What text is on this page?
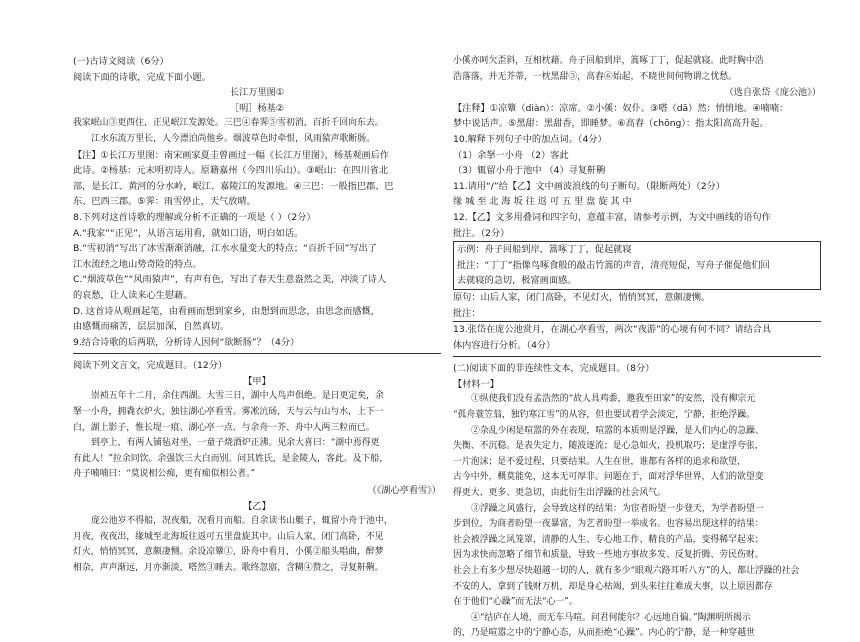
(一)古诗文阅读（6分）
阅读下面的诗歌，完成下面小题。
长江万里图①
［明］杨基②
我家岷山③更西住，正见岷江发源处。三巴④春霁⑤雪初消，百折千回向东去。
江水东流万里长，人今漂泊尚他乡。烟波草色时牵恨，风雨猿声歌断肠。
【注】①长江万里图：南宋画家夏圭曾画过一幅《长江万里图》，杨基观画后作
此诗。②杨基：元末明初诗人。原籍嘉州（今四川乐山）。③岷山：在四川省北
部，是长江、黄河的分水岭，岷江、嘉陵江的发源地。④三巴：一般指巴郡、巴
东、巴西三郡。⑤霁：雨雪停止，天气放晴。
8.下列对这首诗歌的理解或分析不正确的一项是（ ）（2分）
A.“我家”“正见”，从语言运用看，就如口语，明白如话。
B.“雪初消”写出了冰雪渐渐消融，江水水量变大的特点；“百折千回”写出了
江水流经之地山势奇险的特点。
C.“烟波草色”“风雨猿声”，有声有色，写出了春天生意盎然之美，冲淡了诗人
的哀愁，让人读来心生慰藉。
D. 这首诗从观画起笔，由看画而想到家乡，由想到而思念，由思念而感慨，
由感慨而痛苦，层层加深，自然真切。
9.结合诗歌的后两联，分析诗人因何“欲断肠”？（4分）
阅读下列文言文，完成题目。（12分）
【甲】
崇祯五年十二月，余住西湖。大雪三日，湖中人鸟声俱绝。是日更定矣，余
拏一小舟，拥毳衣炉火，独往湖心亭看雪。雾凇沆砀，天与云与山与水，上下一
白，湖上影子，惟长堤一痕、湖心亭一点、与余舟一芥、舟中人两三粒而已。
到亭上，有两人铺毡对坐，一童子烧酒炉正沸。见余大喜曰：“湖中焉得更
有此人！”拉余同饮。余强饮三大白而别。问其姓氏，是金陵人，客此。及下船，
舟子喃喃曰：“莫说相公痴，更有痴似相公者。”
（《湖心亭看雪》）
【乙】
庞公池岁不得船，况夜船，况看月而船。自余读书山艇子，辄留小舟于池中，
月夜，夜夜出，缘城至北海坂往返可五里盘旋其中。山后人家，闭门高卧，不见
灯火，悄悄冥冥，意颇凄恻。余设凉簟①，卧舟中看月，小傒②船头唱曲，醉梦
相杂，声声渐远，月亦渐淡，嗒然③睡去。歌终忽寤，含糊④赞之，寻复鼾齁。
小傒亦呵欠歪斜，互相枕藉。舟子回船到岸，篙啄丁丁，促起就寝。此时胸中浩
浩落落，并无芥蒂，一枕黑甜⑤，高舂⑥始起，不晓世间何物谓之忧愁。
（选自张岱《庞公池》）
【注释】①凉簟（diàn）：凉席。②小傒：奴仆。③嗒（dā）然：悄悄地。④喃喃：
梦中说话声。⑤黑甜：黑甜香，即睡梦。⑥高舂（chōng）：指太阳高高升起。
10.解释下列句子中的加点词。（4分）
（1）余拏一小舟 （2）客此
（3）辄留小舟于池中 （4）寻复鼾齁
11.请用“/”给【乙】文中画波浪线的句子断句。（限断两处）（2分）
缘 城 至 北 海 坂 往 返 可 五 里 盘 旋 其 中
12.【乙】文多用叠词和四字句，意蕴丰富，请参考示例，为文中画线的语句作
批注。（2分）
示例：舟子回船到岸，篙啄丁丁，促起就寝
批注：“丁丁”指像鸟啄食般的敲击竹篙的声音，清亮短促，写舟子催促他们回
去就寝的急切，极富画面感。
原句：山后人家，闭门高卧，不见灯火，悄悄冥冥，意颇凄恻。
批注：
13.张岱在庞公池赏月，在湖心亭看雪，两次“夜游”的心境有何不同？请结合具
体内容进行分析。（4分）
(二)阅读下面的非连续性文本，完成题目。（8分）
【材料一】
①纵使我们没有孟浩然的“故人具鸡黍，邀我至田家”的安然，没有柳宗元
“孤舟蓑笠翁，独钓寒江雪”的从容，但也要试着学会淡定，宁静，拒绝浮躁。
②杂乱少闲是喧嚣的外在表现，喧嚣的本质则是浮躁，是人们内心的急躁、
失衡、不沉稳。是表失定力，随波逐流；是心急如火，投机取巧；是虚浮夸张，
一片泡沫；是不爱过程，只要结果。人生在世，谁都有各样的追求和欲望，
古今中外，概莫能免，这本无可厚非。问题在于，面对浮华世界，人们的欲望变
得更大、更多、更急切，由此衍生出浮躁的社会风气。
③浮躁之风盛行，会导致这样的结果：为宦者盼望一步登天，为学者盼望一
步到位，为商者盼望一夜暴富，为艺者盼望一举成名。也容易出现这样的结果：
社会被浮躁之风笼罩，清静的人生、专心地工作、精良的产品，变得稀罕起来；
因为求快而忽略了细节和质量，导致一些地方事故多发、反复折腾、劳民伤财。
社会上有多少想尽快超越一切的人，就有多少“眼观六路耳听八方”的人，都让浮躁的社会
不安的人，拿到了钱财万机，却是身心枯竭，到头来往往难成大事，以上原因都存
在于他们“心躁”而无法“心一”。
④“结庐在人境，而无车马喧。问君何能尔？心远地自偏。”陶渊明所揭示
的，乃是喧嚣之中的宁静心态，从而拒绝“心躁”。内心的宁静，是一种穿越世
